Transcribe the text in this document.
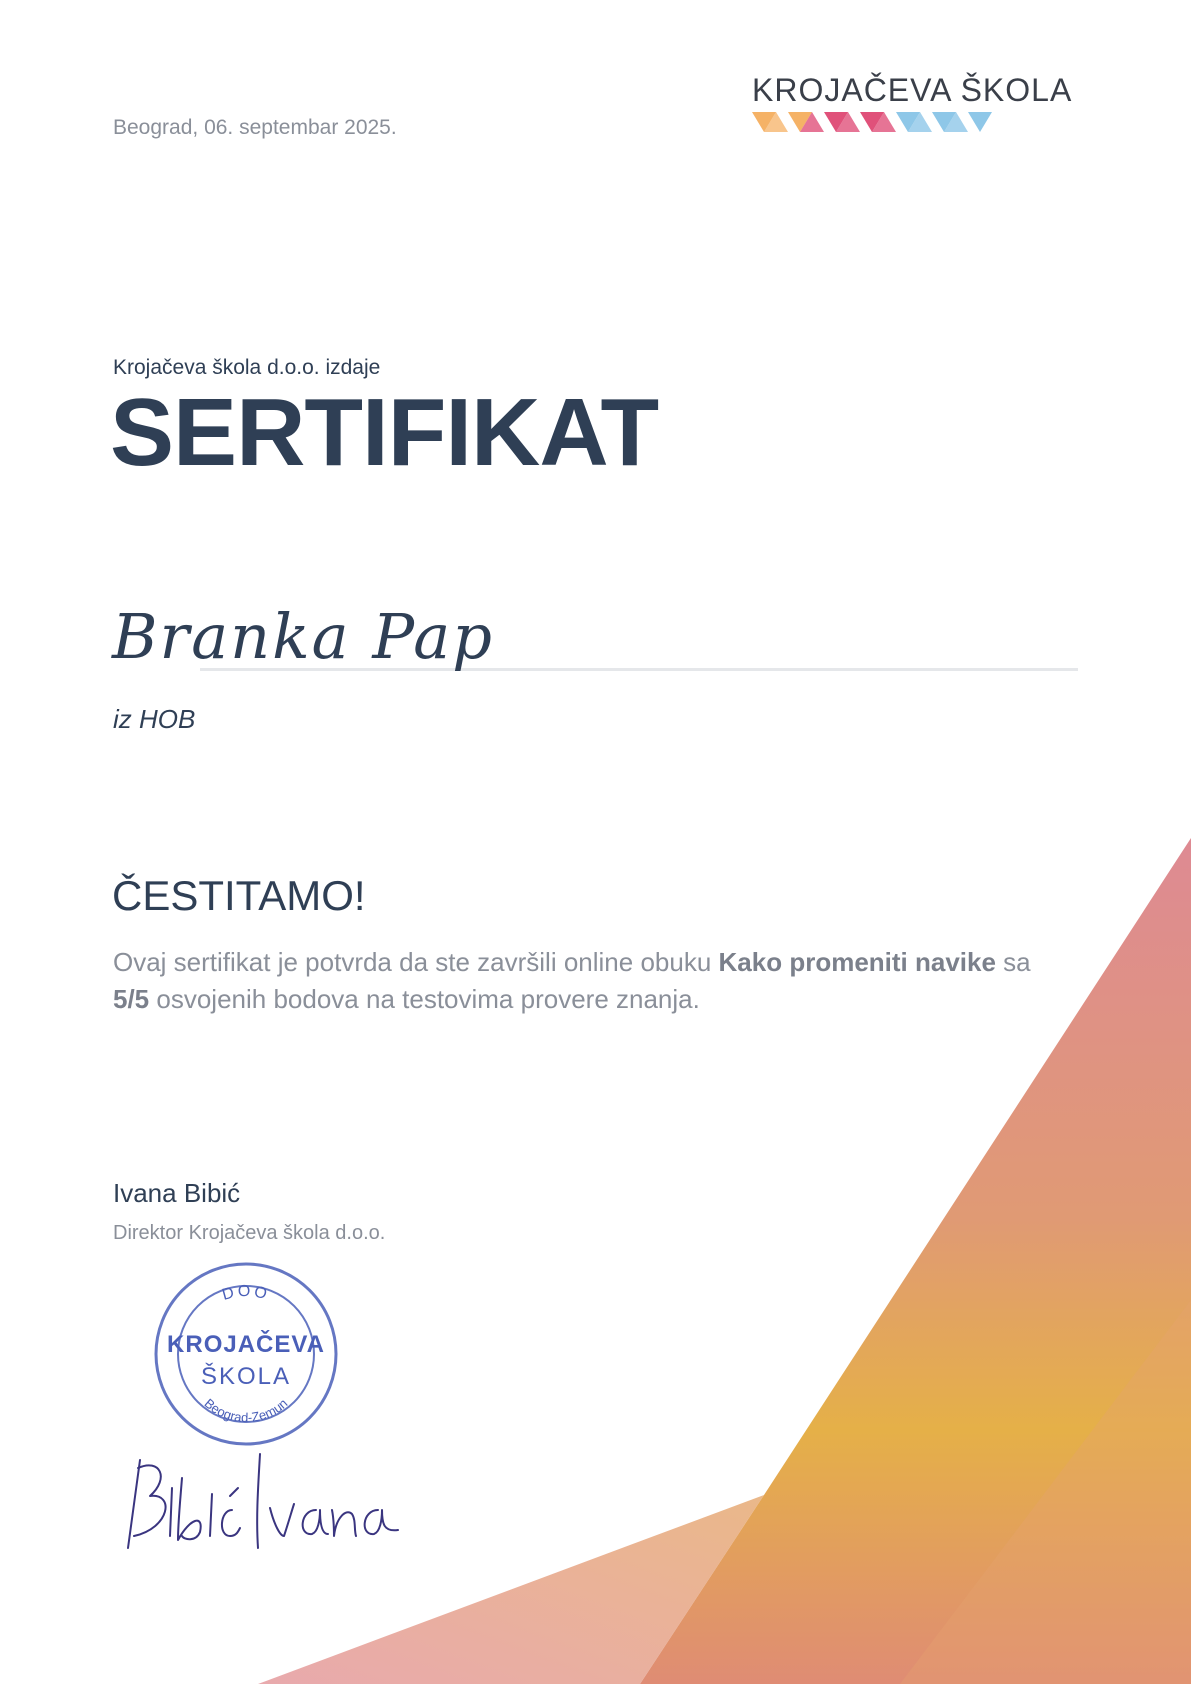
Beograd, 06. septembar 2025.
KROJAČEVA ŠKOLA
Krojačeva škola d.o.o. izdaje
SERTIFIKAT
Branka Pap
iz HOB
ČESTITAMO!
Ovaj sertifikat je potvrda da ste završili online obuku Kako promeniti navike sa 5/5 osvojenih bodova na testovima provere znanja.
Ivana Bibić
Direktor Krojačeva škola d.o.o.
DOO
KROJAČEVA
ŠKOLA
Beograd-Zemun
